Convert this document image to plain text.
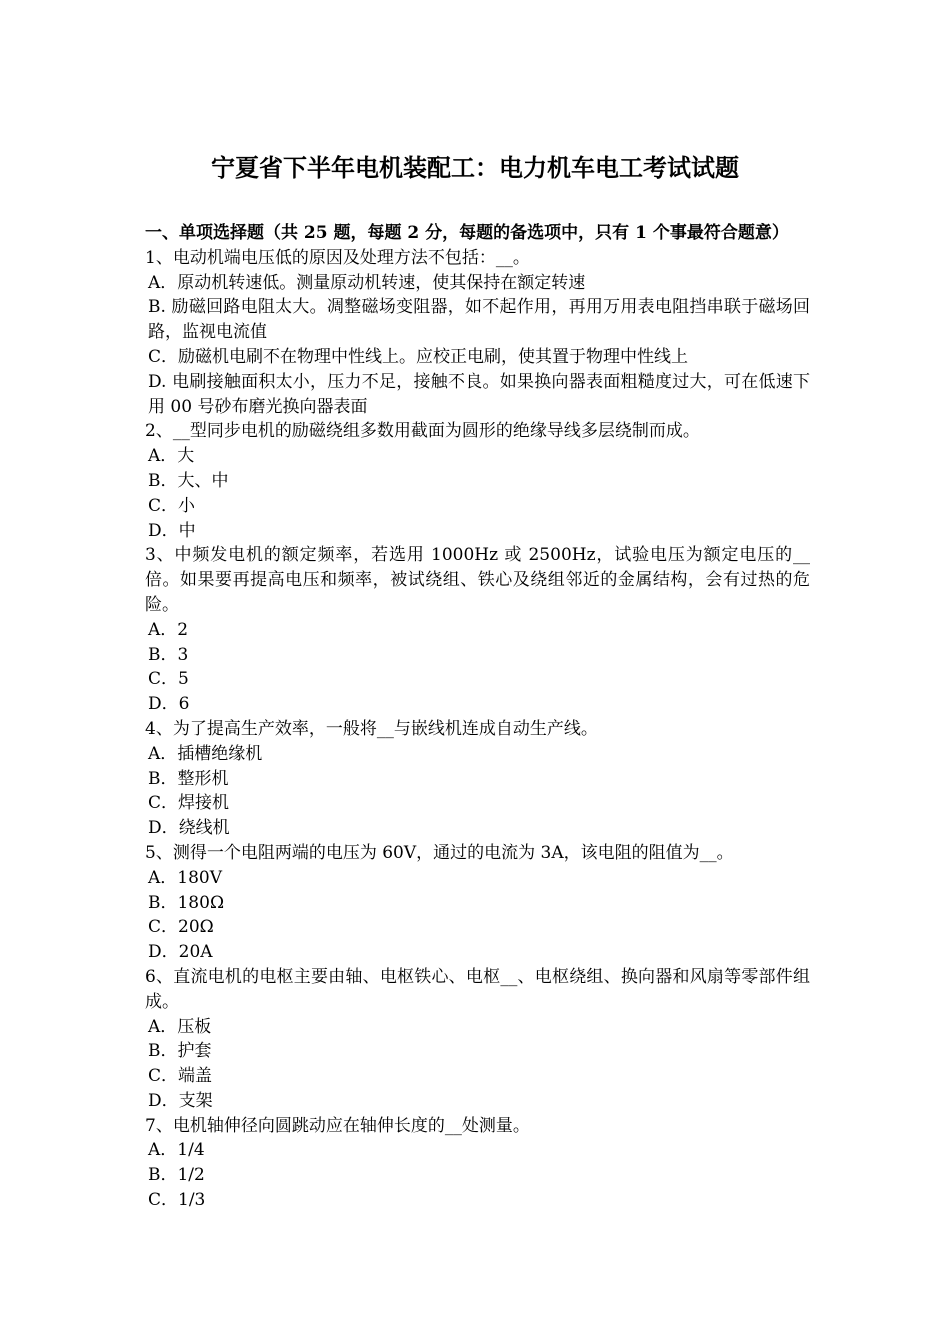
宁夏省下半年电机装配工：电力机车电工考试试题
一、单项选择题（共 25 题，每题 2 分，每题的备选项中，只有 1 个事最符合题意）
1、电动机端电压低的原因及处理方法不包括：__。
A．原动机转速低。测量原动机转速，使其保持在额定转速
B. 励磁回路电阻太大。凋整磁场变阻器，如不起作用，再用万用表电阻挡串联于磁场回路，监视电流值
C．励磁机电刷不在物理中性线上。应校正电刷，使其置于物理中性线上
D. 电刷接触面积太小，压力不足，接触不良。如果换向器表面粗糙度过大，可在低速下用 00 号砂布磨光换向器表面
2、__型同步电机的励磁绕组多数用截面为圆形的绝缘导线多层绕制而成。
A．大
B．大、中
C．小
D．中
3、中频发电机的额定频率，若选用 1000Hz 或 2500Hz，试验电压为额定电压的__倍。如果要再提高电压和频率，被试绕组、铁心及绕组邻近的金属结构，会有过热的危险。
A．2
B．3
C．5
D．6
4、为了提高生产效率，一般将__与嵌线机连成自动生产线。
A．插槽绝缘机
B．整形机
C．焊接机
D．绕线机
5、测得一个电阻两端的电压为 60V，通过的电流为 3A，该电阻的阻值为__。
A．180V
B．180Ω
C．20Ω
D．20A
6、直流电机的电枢主要由轴、电枢铁心、电枢__、电枢绕组、换向器和风扇等零部件组成。
A．压板
B．护套
C．端盖
D．支架
7、电机轴伸径向圆跳动应在轴伸长度的__处测量。
A．1/4
B．1/2
C．1/3
